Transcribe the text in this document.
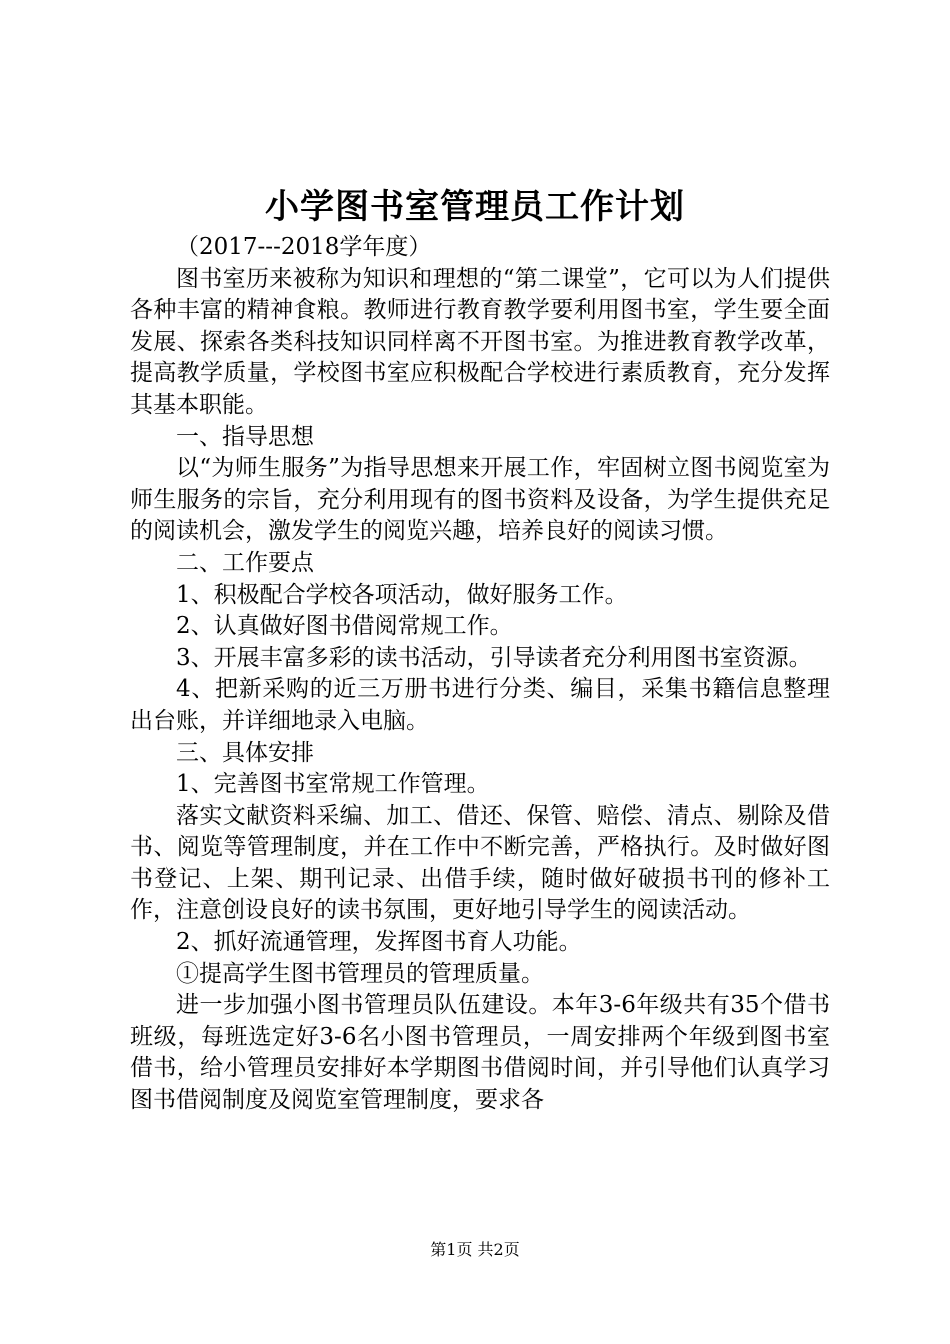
小学图书室管理员工作计划

（2017---2018学年度）

图书室历来被称为知识和理想的“第二课堂”，它可以为人们提供各种丰富的精神食粮。教师进行教育教学要利用图书室，学生要全面发展、探索各类科技知识同样离不开图书室。为推进教育教学改革，提高教学质量，学校图书室应积极配合学校进行素质教育，充分发挥其基本职能。

一、指导思想

以“为师生服务”为指导思想来开展工作，牢固树立图书阅览室为师生服务的宗旨，充分利用现有的图书资料及设备，为学生提供充足的阅读机会，激发学生的阅览兴趣，培养良好的阅读习惯。

二、工作要点

1、积极配合学校各项活动，做好服务工作。

2、认真做好图书借阅常规工作。

3、开展丰富多彩的读书活动，引导读者充分利用图书室资源。

4、把新采购的近三万册书进行分类、编目，采集书籍信息整理出台账，并详细地录入电脑。

三、具体安排

1、完善图书室常规工作管理。

落实文献资料采编、加工、借还、保管、赔偿、清点、剔除及借书、阅览等管理制度，并在工作中不断完善，严格执行。及时做好图书登记、上架、期刊记录、出借手续，随时做好破损书刊的修补工作，注意创设良好的读书氛围，更好地引导学生的阅读活动。

2、抓好流通管理，发挥图书育人功能。

①提高学生图书管理员的管理质量。

进一步加强小图书管理员队伍建设。本年3-6年级共有35个借书班级，每班选定好3-6名小图书管理员，一周安排两个年级到图书室借书，给小管理员安排好本学期图书借阅时间，并引导他们认真学习图书借阅制度及阅览室管理制度，要求各

第1页 共2页
